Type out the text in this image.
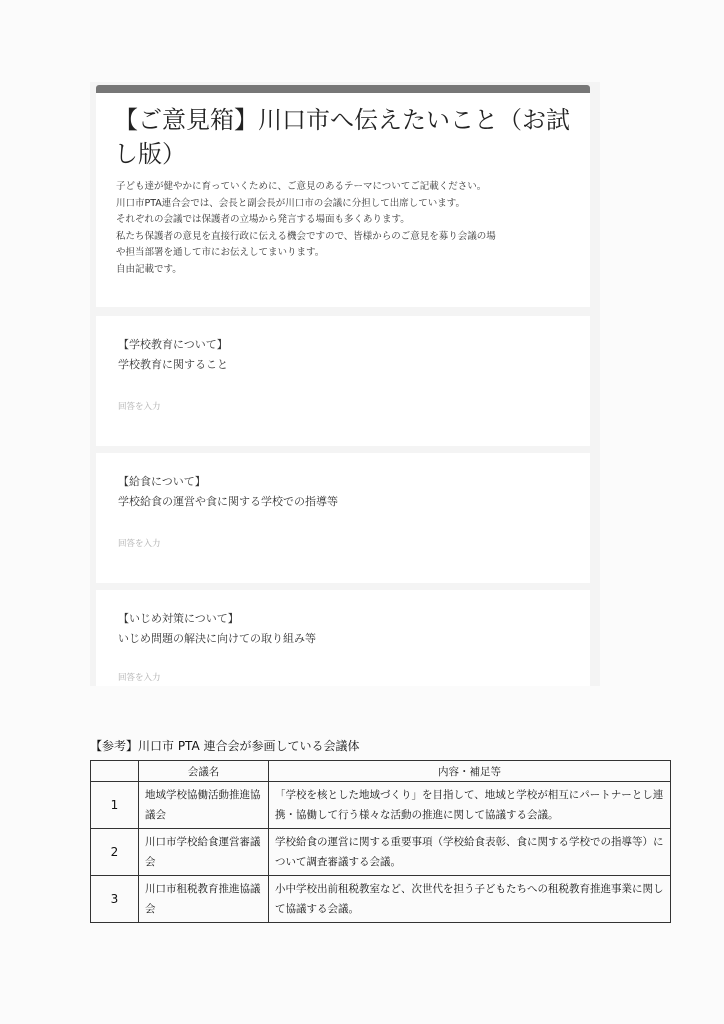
【ご意見箱】川口市へ伝えたいこと（お試し版）
子ども達が健やかに育っていくために、ご意見のあるテーマについてご記載ください。
川口市PTA連合会では、会長と副会長が川口市の会議に分担して出席しています。
それぞれの会議では保護者の立場から発言する場面も多くあります。
私たち保護者の意見を直接行政に伝える機会ですので、皆様からのご意見を募り会議の場
や担当部署を通して市にお伝えしてまいります。
自由記載です。
【学校教育について】
学校教育に関すること
回答を入力
【給食について】
学校給食の運営や食に関する学校での指導等
回答を入力
【いじめ対策について】
いじめ問題の解決に向けての取り組み等
回答を入力
【参考】川口市 PTA 連合会が参画している会議体
	会議名	内容・補足等
1	地域学校協働活動推進協議会	「学校を核とした地域づくり」を目指して、地域と学校が相互にパートナーとし連携・協働して行う様々な活動の推進に関して協議する会議。
2	川口市学校給食運営審議会	学校給食の運営に関する重要事項（学校給食表彰、食に関する学校での指導等）について調査審議する会議。
3	川口市租税教育推進協議会	小中学校出前租税教室など、次世代を担う子どもたちへの租税教育推進事業に関して協議する会議。
